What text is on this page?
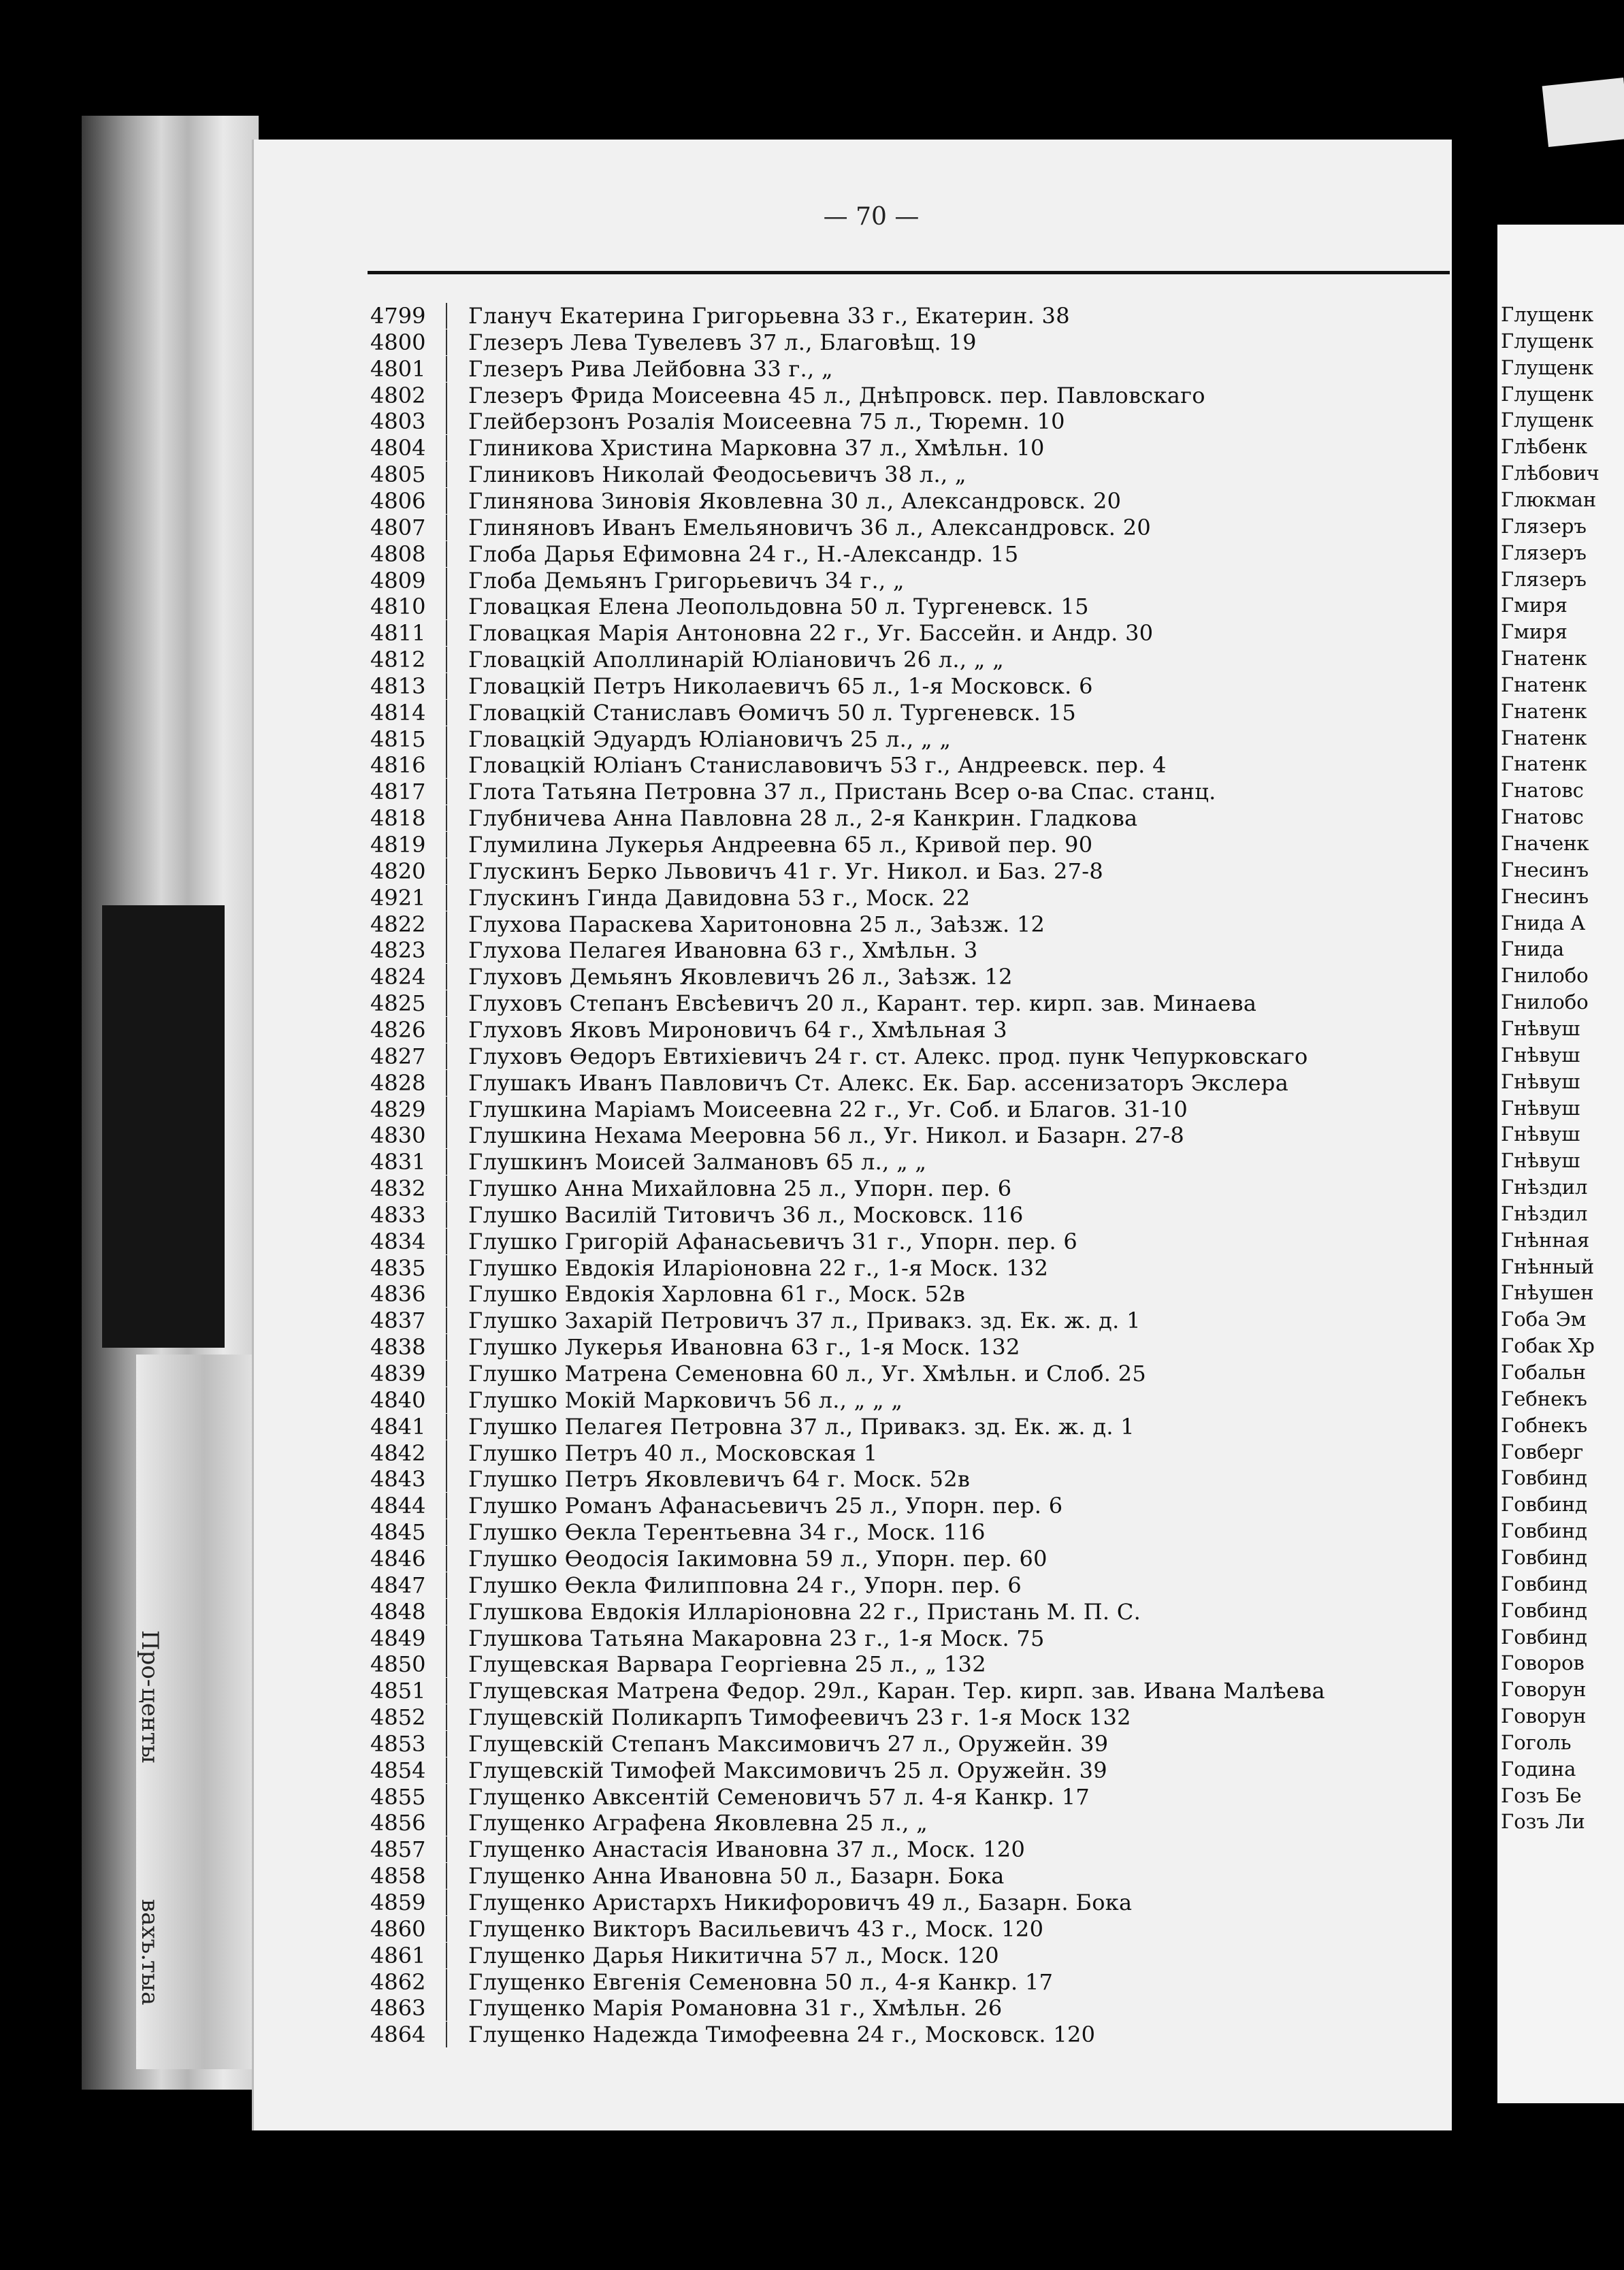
Про-
центы
вахъ.
тыа
Глущенк
Глущенк
Глущенк
Глущенк
Глущенк
Глѣбенк
Глѣбович
Глюкман
Глязеръ
Глязеръ
Глязеръ
Гмиря
Гмиря
Гнатенк
Гнатенк
Гнатенк
Гнатенк
Гнатенк
Гнатовс
Гнатовс
Гначенк
Гнесинъ
Гнесинъ
Гнида А
Гнида
Гнилобо
Гнилобо
Гнѣвуш
Гнѣвуш
Гнѣвуш
Гнѣвуш
Гнѣвуш
Гнѣвуш
Гнѣздил
Гнѣздил
Гнѣнная
Гнѣнный
Гнѣушен
Гоба Эм
Гобак Хр
Гобальн
Гебнекъ
Гобнекъ
Говберг
Говбинд
Говбинд
Говбинд
Говбинд
Говбинд
Говбинд
Говбинд
Говоров
Говорун
Говорун
Гоголь
Година
Гозъ Бе
Гозъ Ли
— 70 —
4799	Глануч Екатерина Григорьевна 33 г., Екатерин. 38
4800	Глезеръ Лева Тувелевъ 37 л., Благовѣщ. 19
4801	Глезеръ Рива Лейбовна 33 г., „
4802	Глезеръ Фрида Моисеевна 45 л., Днѣпровск. пер. Павловскаго
4803	Глейберзонъ Розалія Моисеевна 75 л., Тюремн. 10
4804	Глиникова Христина Марковна 37 л., Хмѣльн. 10
4805	Глиниковъ Николай Феодосьевичъ 38 л., „
4806	Глинянова Зиновія Яковлевна 30 л., Александровск. 20
4807	Глиняновъ Иванъ Емельяновичъ 36 л., Александровск. 20
4808	Глоба Дарья Ефимовна 24 г., Н.-Александр. 15
4809	Глоба Демьянъ Григорьевичъ 34 г., „
4810	Гловацкая Елена Леопольдовна 50 л. Тургеневск. 15
4811	Гловацкая Марія Антоновна 22 г., Уг. Бассейн. и Андр. 30
4812	Гловацкій Аполлинарій Юліановичъ 26 л., „ „
4813	Гловацкій Петръ Николаевичъ 65 л., 1-я Московск. 6
4814	Гловацкій Станиславъ Ѳомичъ 50 л. Тургеневск. 15
4815	Гловацкій Эдуардъ Юліановичъ 25 л., „ „
4816	Гловацкій Юліанъ Станиславовичъ 53 г., Андреевск. пер. 4
4817	Глота Татьяна Петровна 37 л., Пристань Всер о-ва Спас. станц.
4818	Глубничева Анна Павловна 28 л., 2-я Канкрин. Гладкова
4819	Глумилина Лукерья Андреевна 65 л., Кривой пер. 90
4820	Глускинъ Берко Львовичъ 41 г. Уг. Никол. и Баз. 27-8
4921	Глускинъ Гинда Давидовна 53 г., Моск. 22
4822	Глухова Параскева Харитоновна 25 л., Заѣзж. 12
4823	Глухова Пелагея Ивановна 63 г., Хмѣльн. 3
4824	Глуховъ Демьянъ Яковлевичъ 26 л., Заѣзж. 12
4825	Глуховъ Степанъ Евсѣевичъ 20 л., Карант. тер. кирп. зав. Минаева
4826	Глуховъ Яковъ Мироновичъ 64 г., Хмѣльная 3
4827	Глуховъ Ѳедоръ Евтихіевичъ 24 г. ст. Алекс. прод. пунк Чепурковскаго
4828	Глушакъ Иванъ Павловичъ Ст. Алекс. Ек. Бар. ассенизаторъ Экслера
4829	Глушкина Маріамъ Моисеевна 22 г., Уг. Соб. и Благов. 31-10
4830	Глушкина Нехама Меерoвна 56 л., Уг. Никол. и Базарн. 27-8
4831	Глушкинъ Моисей Залмановъ 65 л., „ „
4832	Глушко Анна Михайловна 25 л., Упорн. пер. 6
4833	Глушко Василій Титовичъ 36 л., Московск. 116
4834	Глушко Григорій Афанасьевичъ 31 г., Упорн. пер. 6
4835	Глушко Евдокія Иларіоновна 22 г., 1-я Моск. 132
4836	Глушко Евдокія Харловна 61 г., Моск. 52в
4837	Глушко Захарій Петровичъ 37 л., Привакз. зд. Ек. ж. д. 1
4838	Глушко Лукерья Ивановна 63 г., 1-я Моск. 132
4839	Глушко Матрена Семеновна 60 л., Уг. Хмѣльн. и Слоб. 25
4840	Глушко Мокій Марковичъ 56 л., „ „ „
4841	Глушко Пелагея Петровна 37 л., Привакз. зд. Ек. ж. д. 1
4842	Глушко Петръ 40 л., Московская 1
4843	Глушко Петръ Яковлевичъ 64 г. Моск. 52в
4844	Глушко Романъ Афанасьевичъ 25 л., Упорн. пер. 6
4845	Глушко Ѳекла Терентьевна 34 г., Моск. 116
4846	Глушко Ѳеодосія Іакимовна 59 л., Упорн. пер. 60
4847	Глушко Ѳекла Филипповна 24 г., Упорн. пер. 6
4848	Глушкова Евдокія Илларіоновна 22 г., Пристань М. П. С.
4849	Глушкова Татьяна Макаровна 23 г., 1-я Моск. 75
4850	Глущевская Варвара Георгіевна 25 л., „ 132
4851	Глущевская Матрена Федор. 29л., Каран. Тер. кирп. зав. Ивана Малѣева
4852	Глущевскій Поликарпъ Тимофеевичъ 23 г. 1-я Моск 132
4853	Глущевскій Степанъ Максимовичъ 27 л., Оружейн. 39
4854	Глущевскій Тимофей Максимовичъ 25 л. Оружейн. 39
4855	Глущенко Авксентій Семеновичъ 57 л. 4-я Канкр. 17
4856	Глущенко Аграфена Яковлевна 25 л., „
4857	Глущенко Анастасія Ивановна 37 л., Моск. 120
4858	Глущенко Анна Ивановна 50 л., Базарн. Бока
4859	Глущенко Аристархъ Никифоровичъ 49 л., Базарн. Бока
4860	Глущенко Викторъ Васильевичъ 43 г., Моск. 120
4861	Глущенко Дарья Никитична 57 л., Моск. 120
4862	Глущенко Евгенія Семеновна 50 л., 4-я Канкр. 17
4863	Глущенко Марія Романовна 31 г., Хмѣльн. 26
4864	Глущенко Надежда Тимофеевна 24 г., Московск. 120
